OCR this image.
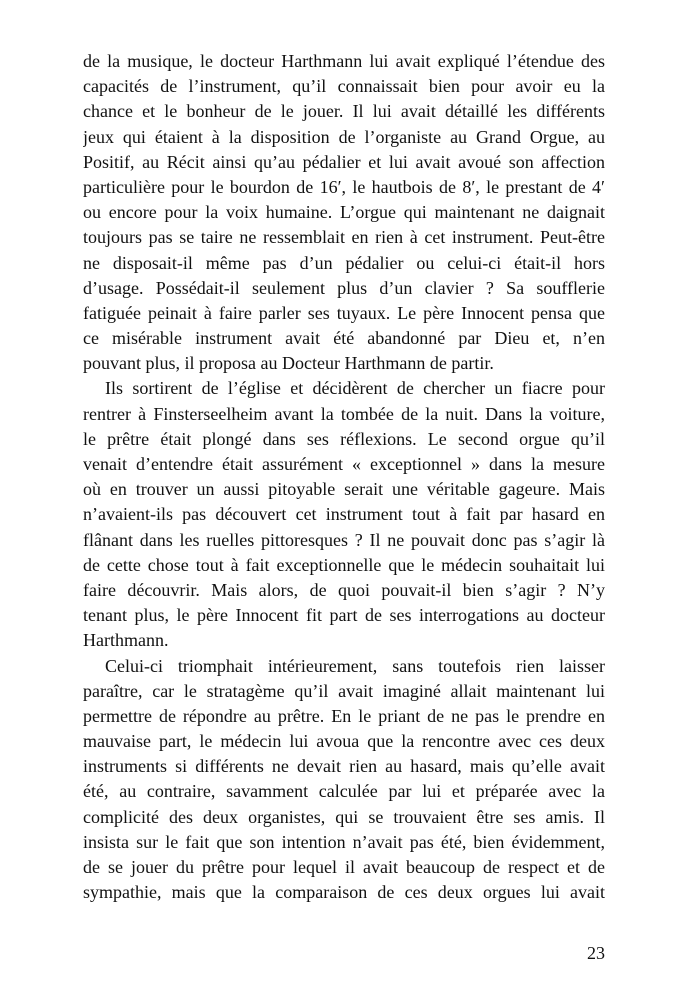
de la musique, le docteur Harthmann lui avait expliqué l’étendue des
capacités de l’instrument, qu’il connaissait bien pour avoir eu la
chance et le bonheur de le jouer. Il lui avait détaillé les différents
jeux qui étaient à la disposition de l’organiste au Grand Orgue, au
Positif, au Récit ainsi qu’au pédalier et lui avait avoué son affection
particulière pour le bourdon de 16′, le hautbois de 8′, le prestant de 4′
ou encore pour la voix humaine. L’orgue qui maintenant ne daignait
toujours pas se taire ne ressemblait en rien à cet instrument. Peut-être
ne disposait-il même pas d’un pédalier ou celui-ci était-il hors
d’usage. Possédait-il seulement plus d’un clavier ? Sa soufflerie
fatiguée peinait à faire parler ses tuyaux. Le père Innocent pensa que
ce misérable instrument avait été abandonné par Dieu et, n’en
pouvant plus, il proposa au Docteur Harthmann de partir.
Ils sortirent de l’église et décidèrent de chercher un fiacre pour
rentrer à Finsterseelheim avant la tombée de la nuit. Dans la voiture,
le prêtre était plongé dans ses réflexions. Le second orgue qu’il
venait d’entendre était assurément « exceptionnel » dans la mesure
où en trouver un aussi pitoyable serait une véritable gageure. Mais
n’avaient-ils pas découvert cet instrument tout à fait par hasard en
flânant dans les ruelles pittoresques ? Il ne pouvait donc pas s’agir là
de cette chose tout à fait exceptionnelle que le médecin souhaitait lui
faire découvrir. Mais alors, de quoi pouvait-il bien s’agir ? N’y
tenant plus, le père Innocent fit part de ses interrogations au docteur
Harthmann.
Celui-ci triomphait intérieurement, sans toutefois rien laisser
paraître, car le stratagème qu’il avait imaginé allait maintenant lui
permettre de répondre au prêtre. En le priant de ne pas le prendre en
mauvaise part, le médecin lui avoua que la rencontre avec ces deux
instruments si différents ne devait rien au hasard, mais qu’elle avait
été, au contraire, savamment calculée par lui et préparée avec la
complicité des deux organistes, qui se trouvaient être ses amis. Il
insista sur le fait que son intention n’avait pas été, bien évidemment,
de se jouer du prêtre pour lequel il avait beaucoup de respect et de
sympathie, mais que la comparaison de ces deux orgues lui avait
23
